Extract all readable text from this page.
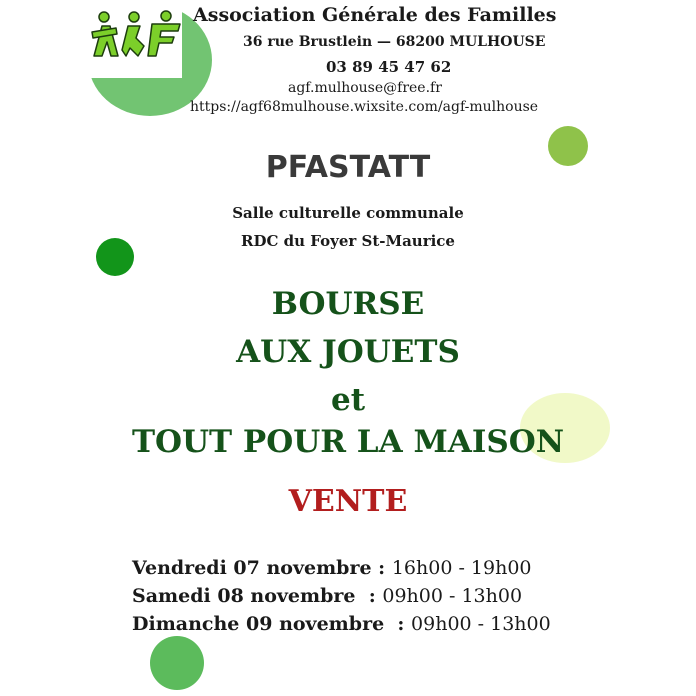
Association Générale des Familles
36 rue Brustlein — 68200 MULHOUSE
03 89 45 47 62
agf.mulhouse@free.fr
https://agf68mulhouse.wixsite.com/agf-mulhouse
PFASTATT
Salle culturelle communale
RDC du Foyer St-Maurice
BOURSE
AUX JOUETS
et
TOUT POUR LA MAISON
VENTE
Vendredi 07 novembre : 16h00 - 19h00
Samedi 08 novembre  : 09h00 - 13h00
Dimanche 09 novembre  : 09h00 - 13h00
